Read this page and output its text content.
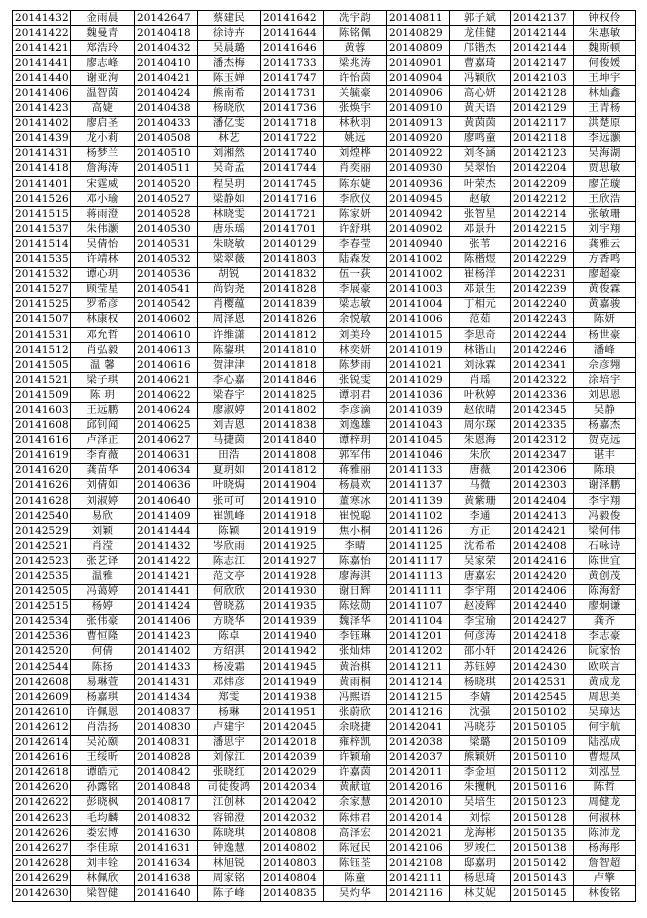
20141432	金雨晨	20142647	蔡建民	20141642	冼宇韵	20140811	郭子斌	20142137	钟权伶
20141422	魏曼青	20140418	徐诗卉	20141644	陈铭佩	20140829	龙佳健	20142144	朱惠敏
20141421	郑浩玲	20140432	吴晨璐	20141646	黄蓉	20140809	邝锴杰	20142144	魏斯顿
20141441	廖志峰	20140410	潘杰梅	20141733	梁兆涛	20140901	曹嘉琦	20142147	何俊媛
20141440	谢亚洵	20140421	陈玉婵	20141747	许怡茵	20140904	冯颖欣	20142103	王坤宇
20141406	温智茵	20140424	熊南希	20141731	关毓豪	20140906	高心妍	20142128	林灿鑫
20141423	高婕	20140438	杨晓欣	20141736	张焕宇	20140910	黄天语	20142129	王青杨
20141402	廖启圣	20140433	潘亿雯	20141718	林秋羽	20140913	黄茵茵	20142117	洪楚原
20141439	龙小莉	20140508	林艺	20141722	姚远	20140920	廖鸣童	20142118	李远灏
20141431	杨梦兰	20140510	刘湘然	20141740	刘煌桦	20140922	刘冬涵	20142123	吴海湖
20141418	詹海涛	20140511	吴奇孟	20141744	肖奕丽	20140930	吴翠怡	20142204	贾思敏
20141401	宋霆威	20140520	程昊玥	20141745	陈东婕	20140936	叶荣杰	20142209	廖芷璇
20141526	邓小瑜	20140527	梁静如	20141716	李欣仪	20140945	赵敏	20142212	王欣浩
20141515	蒋雨澄	20140528	林晓雯	20141721	陈家妍	20140942	张智星	20142214	张敏珊
20141537	朱伟灏	20140530	唐乐瑶	20141701	许舒琪	20140902	邓景升	20142215	刘宇翔
20141514	吴倩怡	20140531	朱晓敏	20140129	李春莹	20140940	张苇	20142216	龚雅云
20141535	许靖林	20140532	梁翠薇	20141803	陆森发	20141002	陈楷煜	20142229	方香鸣
20141532	谭心玥	20140536	胡锐	20141832	伍一荻	20141002	崔杨洋	20142231	廖超豪
20141527	顾莹星	20140541	尚钧尧	20141828	李展豪	20141003	邓景生	20142239	黄俊霖
20141525	罗希彦	20140542	肖樱蕴	20141839	梁志敏	20141004	丁相元	20142240	黄嘉骏
20141507	林康权	20140602	周泽恩	20141826	余悦敏	20141006	范茹	20142243	陈妍
20141531	邓允哲	20140610	许维潇	20141812	刘美玲	20141015	李思奇	20142244	杨世豪
20141512	肖弘毅	20140613	陈鋆琪	20141810	林奕妍	20141019	林锴山	20142246	潘峰
20141505	温 馨	20140616	贺津津	20141818	陈梦雨	20141021	刘泳霖	20142341	佘彦翙
20141521	梁子琪	20140621	李心嘉	20141846	张锐雯	20141029	肖瑶	20142322	涂培宇
20141509	陈 玥	20140622	梁春宇	20141825	谭羽君	20141036	叶秋婷	20142336	刘思恩
20141603	王远鹏	20140624	廖淑婷	20141802	李彦滴	20141039	赵依晴	20142345	吴静
20141608	邱钊闻	20140625	刘吉恩	20141838	刘逸雄	20141043	周尔琛	20142335	杨嘉杰
20141616	卢泽正	20140627	马捷茵	20141840	谭梓玥	20141045	朱恩海	20142312	贺克远
20141619	李育薇	20140631	田浩	20141808	郭军伟	20141046	朱欣	20142347	谌丰
20141620	龚苗华	20140634	夏玥如	20141812	蒋雅丽	20141133	唐薇	20142306	陈琅
20141626	刘倩如	20140636	叶晓焗	20141904	杨晨欢	20141137	马微	20142303	谢泽鹏
20141628	刘淑婷	20140640	张可可	20141910	董寒冰	20141139	黄紫珊	20142404	李宇翔
20142540	易欣	20141409	崔凯峰	20141918	崔悦聪	20141102	李通	20142413	冯毅俊
20142529	刘颖	20141444	陈颖	20141919	焦小桐	20141126	方正	20142421	梁何伟
20142521	肖滢	20141432	岑欣雨	20141925	李晴	20141125	沈希希	20142408	石咏诗
20142523	张艺译	20141422	陈志江	20141927	陈嘉怡	20141117	吴家荣	20142416	陈世宜
20142535	温雅	20141421	范文亭	20141928	廖海淇	20141113	唐嘉宏	20142420	黄创茂
20142505	冯蔼婷	20141441	何欣欣	20141930	谢日辉	20141111	李宇翔	20142406	陈海舒
20142515	杨婷	20141424	曾晓荔	20141935	陈炫勋	20141107	赵凌辉	20142440	廖炯谦
20142534	张伟豪	20141406	方晓华	20141939	魏泽华	20141104	李宝瑜	20142427	龚齐
20142536	曹恒隆	20141423	陈卓	20141940	李钰琳	20141201	何彦涛	20142418	李志豪
20142520	何倩	20141402	方绍淇	20141942	张灿炜	20141202	邵小轩	20142426	阮家怡
20142544	陈扬	20141433	杨凌霜	20141945	黄治棋	20141211	苏钰婷	20142430	欧咲言
20142608	易琳萱	20141431	邓炜彦	20141949	黄雨桐	20141214	杨晓琪	20142531	黄成龙
20142609	杨嘉琪	20141434	郑雯	20141938	冯熙语	20141215	李婧	20142545	周思美
20142610	许佩恩	20140837	杨琳	20141951	张蔚欣	20141216	沈强	20150102	吴璋达
20142612	肖浩扬	20140830	卢建宇	20142045	余晓捷	20142041	冯晓芬	20150105	何宇航
20142614	吴沁颐	20140831	潘思宇	20142018	雍梓凯	20142038	梁璐	20150109	陆泓成
20142616	王绥昕	20140828	刘傢江	20142039	许颖瑜	20142037	熊颖妍	20150110	曹煜凤
20142618	谭皓元	20140842	张晓红	20142029	许嘉茵	20142011	李金垣	20150112	刘泓昱
20142620	孙露铭	20140848	司徒俊鸿	20142034	黄献谊	20142016	朱攫帆	20150116	陈哲
20142622	彭晓枫	20140817	江创林	20142042	余家慧	20142010	吴培生	20150123	周健龙
20142623	毛均麟	20140832	容锦澄	20142032	陈炜君	20142014	刘悰	20150128	何淑林
20142626	娄宏博	20141630	陈晓琪	20140808	高泽宏	20142021	龙海彬	20150135	陈沛龙
20142627	李佳琼	20141631	钟逸慧	20140802	陈冠民	20142106	罗竣仁	20150138	杨海彤
20142628	刘丰铨	20141634	林旭锐	20140803	陈钰荃	20142108	邸嘉玥	20150142	詹智超
20142629	林佩欣	20141638	周家铭	20140804	陈童	20142111	杨思琦	20150143	卢擎
20142630	梁智健	20141640	陈子峰	20140835	吴灼华	20142116	林艾妮	20150145	林俊铭
